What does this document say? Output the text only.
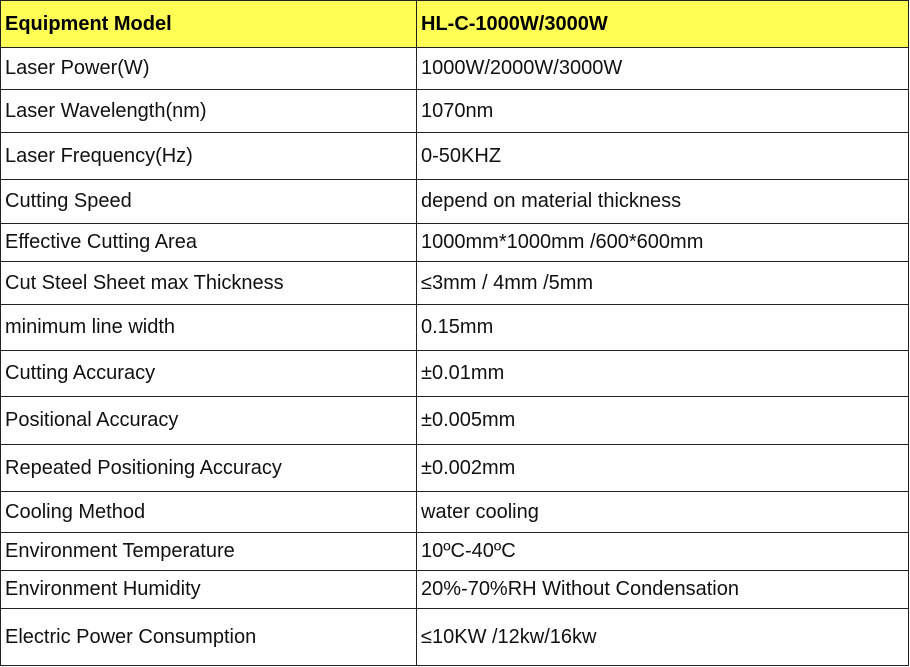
Equipment Model	HL-C-1000W/3000W
Laser Power(W)	1000W/2000W/3000W
Laser Wavelength(nm)	1070nm
Laser Frequency(Hz)	0-50KHZ
Cutting Speed	depend on material thickness
Effective Cutting Area	1000mm*1000mm /600*600mm
Cut Steel Sheet max Thickness	≤3mm / 4mm /5mm
minimum line width	0.15mm
Cutting Accuracy	±0.01mm
Positional Accuracy	±0.005mm
Repeated Positioning Accuracy	±0.002mm
Cooling Method	water cooling
Environment Temperature	10ºC-40ºC
Environment Humidity	20%-70%RH Without Condensation
Electric Power Consumption	≤10KW /12kw/16kw
